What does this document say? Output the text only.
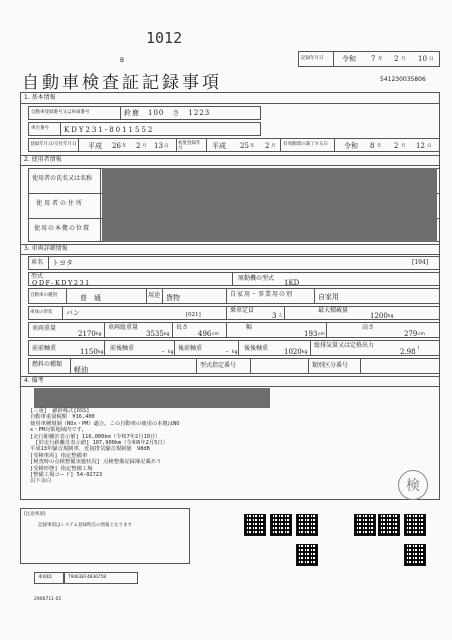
1012
B
自動車検査証記録事項
記録年月日	令和 7 年 2 月 10 日
541230035806
1. 基本情報
自動車登録番号又は車両番号	鈴鹿　100　さ　1223
車台番号 KDY231-8011552
登録年月日/交付年月日 平成 26 年 2 月 13 日
初度登録年月	平成 25 年 2 月 有効期間の満了する日 令和 8 年 2 月 12 日
2. 使用者情報
使用者の氏名又は名称
使用者の住所
使用の本拠の位置
3. 車両詳細情報
車名 トヨタ	[194]
型式
QDF-KDY231
原動機の型式
1KD
自動車の種別	普　通	用途 貨物	自家用・事業用の別	自家用
車体の形状 バン	[021]
乗車定員
3 人
最大積載量
1200 kg
車両重量
2170 kg
車両総重量
3535 kg
長さ
496 cm
幅
193 cm
高さ
279 cm
前前軸重	1150 kg
前後軸重	- kg
後前軸重	- kg
後後軸重 1020 kg
総排気量又は定格出力
2.98 l
燃料の種類
軽油
型式指定番号	類別区分番号
4. 備考
[三重]　錦鈴株式[OSS]
自動車重量税額　¥16,400
使用車種規制（NOx・PM）適合。この自動車の使用の本拠はNO
x・PM対策地域内です。
[走行距離計表示値] 116,000km（令和7年2月10日）
　[旧走行距離計表示値] 107,900km（令和6年2月5日）
平成13年騒音規制車、近接排気騒音規制値　98dB
[受検車両] 指定整備車
[検査時の点検整備実施状況] 点検整備記録簿記載あり
[受検形態] 指定整備工場
[整備工場コード] 54-02723
以下余白	検
[注意事項]
記録事項はシステム登録時点の情報となります
車両ID	T9463EF4836758
2906711-01
